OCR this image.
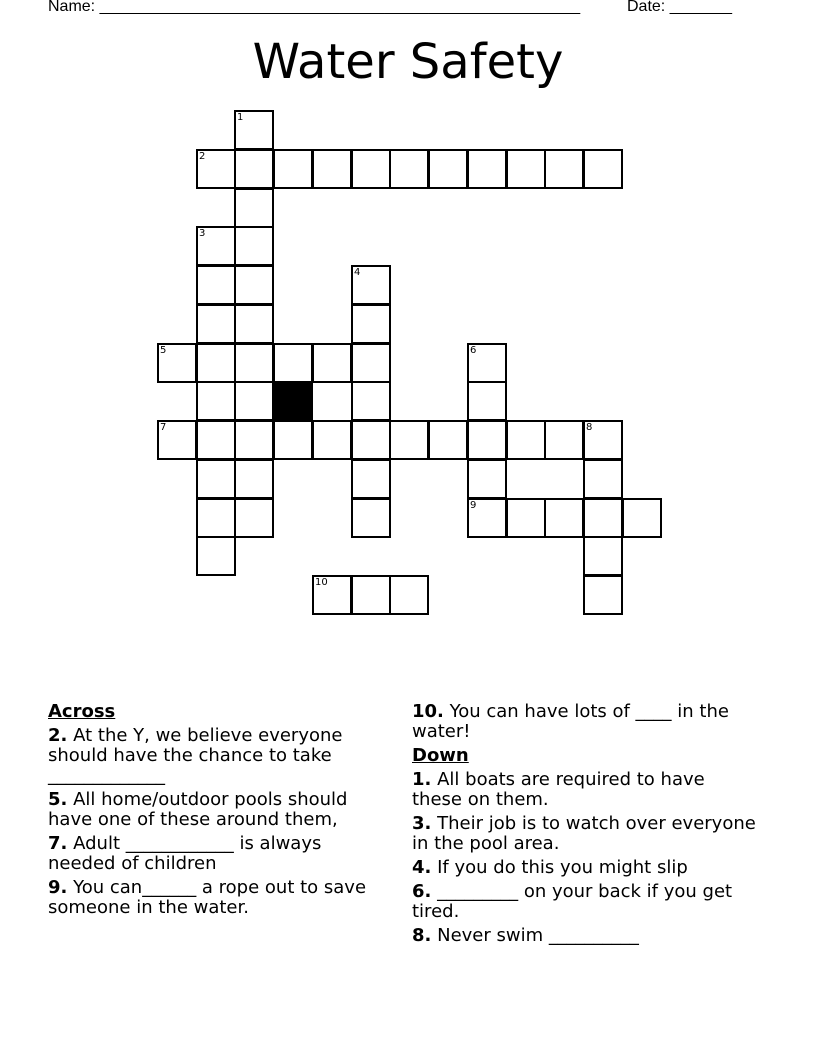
Name: ______________________________________________________	Date: _______
Water Safety
1
2
3
4
5	6
7	8
9
10
Across
2. At the Y, we believe everyone should have the chance to take _____________
5. All home/outdoor pools should have one of these around them,
7. Adult ____________ is always needed of children
9. You can______ a rope out to save someone in the water.
10. You can have lots of ____ in the water!
Down
1. All boats are required to have these on them.
3. Their job is to watch over everyone in the pool area.
4. If you do this you might slip
6. _________ on your back if you get tired.
8. Never swim __________
